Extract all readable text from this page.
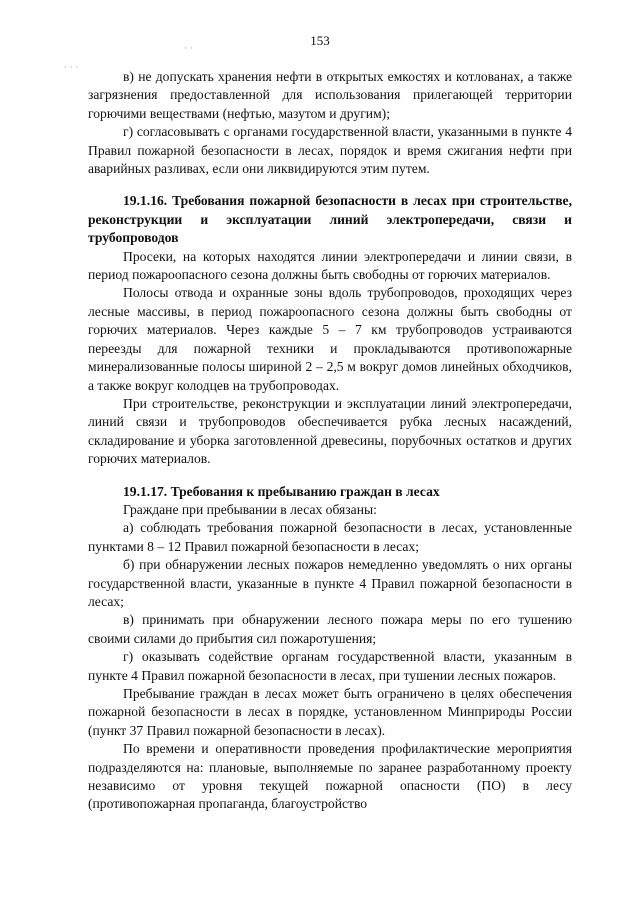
· ·
· · ·
153

в) не допускать хранения нефти в открытых емкостях и котлованах, а также загрязнения предоставленной для использования прилегающей территории горючими веществами (нефтью, мазутом и другим);

г) согласовывать с органами государственной власти, указанными в пункте 4 Правил пожарной безопасности в лесах, порядок и время сжигания нефти при аварийных разливах, если они ликвидируются этим путем.

19.1.16. Требования пожарной безопасности в лесах при строительстве, реконструкции и эксплуатации линий электропередачи, связи и трубопроводов

Просеки, на которых находятся линии электропередачи и линии связи, в период пожароопасного сезона должны быть свободны от горючих материалов.

Полосы отвода и охранные зоны вдоль трубопроводов, проходящих через лесные массивы, в период пожароопасного сезона должны быть свободны от горючих материалов. Через каждые 5 – 7 км трубопроводов устраиваются переезды для пожарной техники и прокладываются противопожарные минерализованные полосы шириной 2 – 2,5 м вокруг домов линейных обходчиков, а также вокруг колодцев на трубопроводах.

При строительстве, реконструкции и эксплуатации линий электропередачи, линий связи и трубопроводов обеспечивается рубка лесных насаждений, складирование и уборка заготовленной древесины, порубочных остатков и других горючих материалов.

19.1.17. Требования к пребыванию граждан в лесах

Граждане при пребывании в лесах обязаны:

а) соблюдать требования пожарной безопасности в лесах, установленные пунктами 8 – 12 Правил пожарной безопасности в лесах;

б) при обнаружении лесных пожаров немедленно уведомлять о них органы государственной власти, указанные в пункте 4 Правил пожарной безопасности в лесах;

в) принимать при обнаружении лесного пожара меры по его тушению своими силами до прибытия сил пожаротушения;

г) оказывать содействие органам государственной власти, указанным в пункте 4 Правил пожарной безопасности в лесах, при тушении лесных пожаров.

Пребывание граждан в лесах может быть ограничено в целях обеспечения пожарной безопасности в лесах в порядке, установленном Минприроды России (пункт 37 Правил пожарной безопасности в лесах).

По времени и оперативности проведения профилактические мероприятия подразделяются на: плановые, выполняемые по заранее разработанному проекту независимо от уровня текущей пожарной опасности (ПО) в лесу (противопожарная пропаганда, благоустройство
